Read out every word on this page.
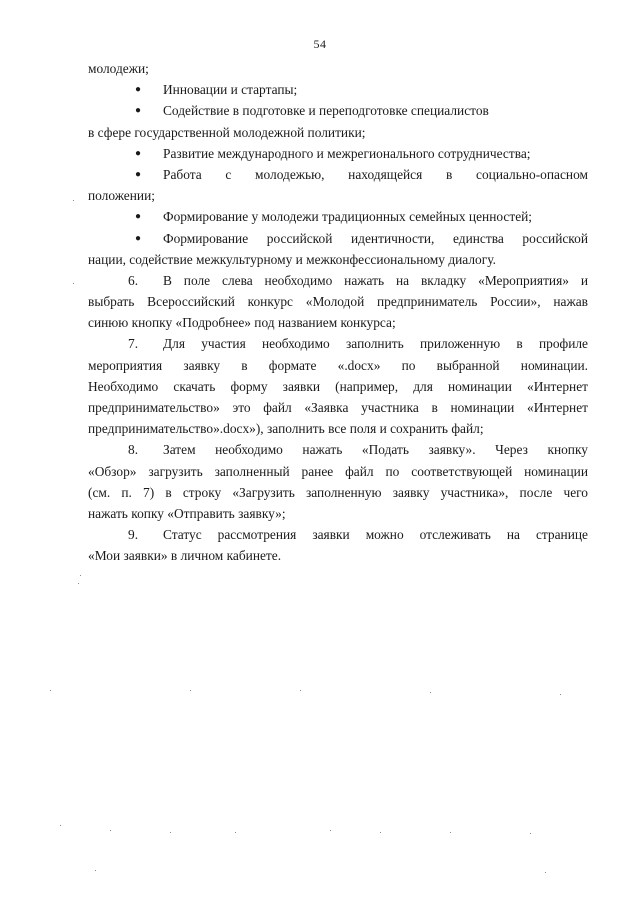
54
молодежи;
● Инновации и стартапы;
● Содействие в подготовке и переподготовке специалистов
в сфере государственной молодежной политики;
● Развитие международного и межрегионального сотрудничества;
● Работа с молодежью, находящейся в социально-опасном
положении;
● Формирование у молодежи традиционных семейных ценностей;
● Формирование российской идентичности, единства российской
нации, содействие межкультурному и межконфессиональному диалогу.
6. В поле слева необходимо нажать на вкладку «Мероприятия» и
выбрать Всероссийский конкурс «Молодой предприниматель России», нажав
синюю кнопку «Подробнее» под названием конкурса;
7. Для участия необходимо заполнить приложенную в профиле
мероприятия заявку в формате «.docx» по выбранной номинации.
Необходимо скачать форму заявки (например, для номинации «Интернет
предпринимательство» это файл «Заявка участника в номинации «Интернет
предпринимательство».docx»), заполнить все поля и сохранить файл;
8. Затем необходимо нажать «Подать заявку». Через кнопку
«Обзор» загрузить заполненный ранее файл по соответствующей номинации
(см. п. 7) в строку «Загрузить заполненную заявку участника», после чего
нажать копку «Отправить заявку»;
9. Статус рассмотрения заявки можно отслеживать на странице
«Мои заявки» в личном кабинете.
